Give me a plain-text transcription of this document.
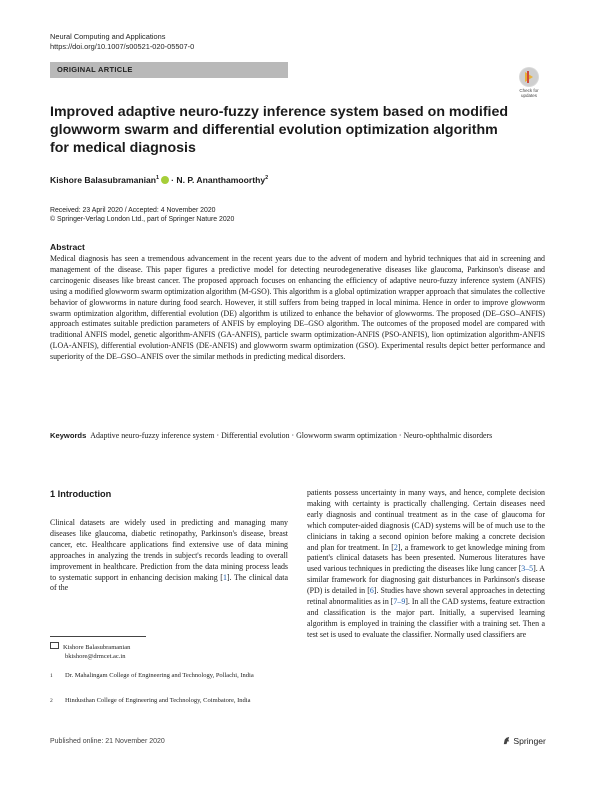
Neural Computing and Applications
https://doi.org/10.1007/s00521-020-05507-0
ORIGINAL ARTICLE
Check for updates
Improved adaptive neuro-fuzzy inference system based on modified glowworm swarm and differential evolution optimization algorithm for medical diagnosis
Kishore Balasubramanian$^1$ · N. P. Ananthamoorthy$^2$
Received: 23 April 2020 / Accepted: 4 November 2020
© Springer-Verlag London Ltd., part of Springer Nature 2020
Abstract
Medical diagnosis has seen a tremendous advancement in the recent years due to the advent of modern and hybrid techniques that aid in screening and management of the disease. This paper figures a predictive model for detecting neurodegenerative diseases like glaucoma, Parkinson's disease and carcinogenic diseases like breast cancer. The proposed approach focuses on enhancing the efficiency of adaptive neuro-fuzzy inference system (ANFIS) using a modified glowworm swarm optimization algorithm (M-GSO). This algorithm is a global optimization wrapper approach that simulates the collective behavior of glowworms in nature during food search. However, it still suffers from being trapped in local minima. Hence in order to improve glowworm swarm optimization algorithm, differential evolution (DE) algorithm is utilized to enhance the behavior of glowworms. The proposed (DE–GSO–ANFIS) approach estimates suitable prediction parameters of ANFIS by employing DE–GSO algorithm. The outcomes of the proposed model are compared with traditional ANFIS model, genetic algorithm-ANFIS (GA-ANFIS), particle swarm optimization-ANFIS (PSO-ANFIS), lion optimization algorithm-ANFIS (LOA-ANFIS), differential evolution-ANFIS (DE-ANFIS) and glowworm swarm optimization (GSO). Experimental results depict better performance and superiority of the DE–GSO–ANFIS over the similar methods in predicting medical disorders.
Keywords Adaptive neuro-fuzzy inference system · Differential evolution · Glowworm swarm optimization · Neuro-ophthalmic disorders
1 Introduction
Clinical datasets are widely used in predicting and managing many diseases like glaucoma, diabetic retinopathy, Parkinson's disease, breast cancer, etc. Healthcare applications find extensive use of data mining approaches in analyzing the trends in subject's records leading to overall improvement in healthcare. Prediction from the data mining process leads to systematic support in enhancing decision making [1]. The clinical data of the
patients possess uncertainty in many ways, and hence, complete decision making with certainty is practically challenging. Certain diseases need early diagnosis and continual treatment as in the case of glaucoma for which computer-aided diagnosis (CAD) systems will be of much use to the clinicians in taking a second opinion before making a concrete decision and plan for treatment. In [2], a framework to get knowledge mining from patient's clinical datasets has been presented. Numerous literatures have used various techniques in predicting the diseases like lung cancer [3–5]. A similar framework for diagnosing gait disturbances in Parkinson's disease (PD) is detailed in [6]. Studies have shown several approaches in detecting retinal abnormalities as in [7–9]. In all the CAD systems, feature extraction and classification is the major part. Initially, a supervised learning algorithm is employed in training the classifier with a training set. Then a test set is used to evaluate the classifier. Normally used classifiers are
Kishore Balasubramanian
bkishore@drmcet.ac.in
1 Dr. Mahalingam College of Engineering and Technology, Pollachi, India
2 Hindusthan College of Engineering and Technology, Coimbatore, India
Published online: 21 November 2020	Springer
